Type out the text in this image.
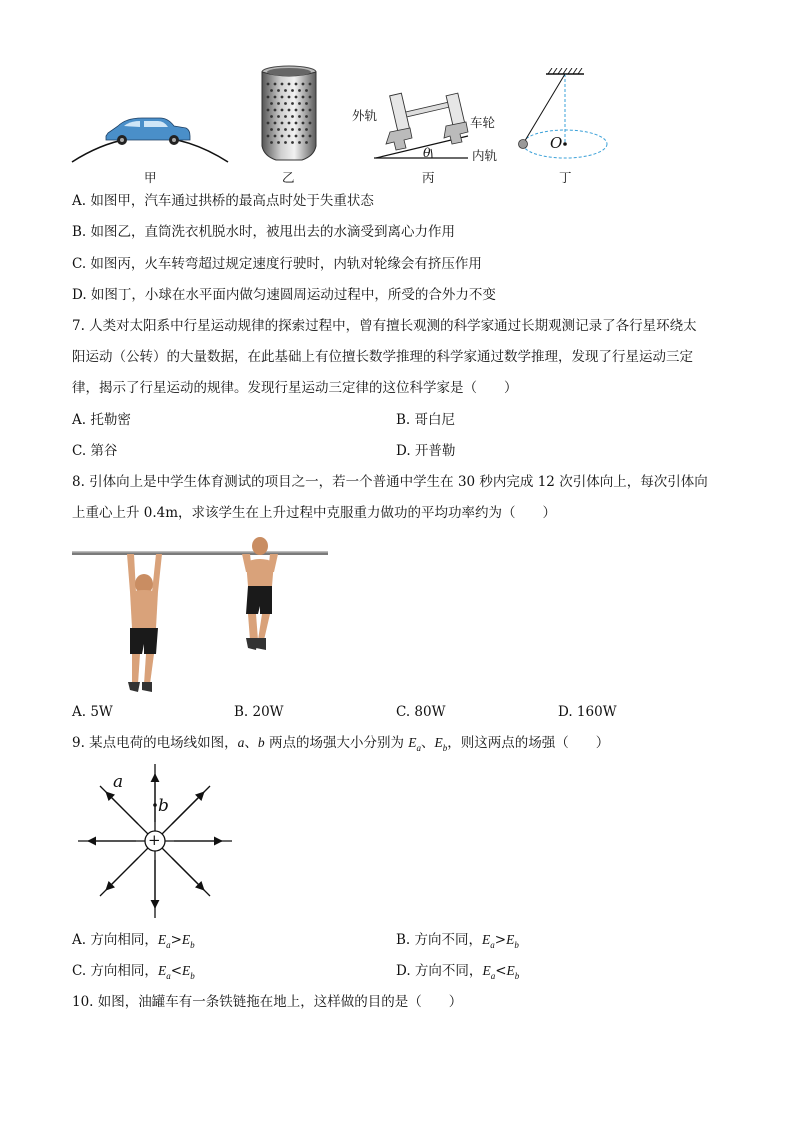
甲	乙
外轨	车轮
内轨
θ
丙
O
丁
A. 如图甲，汽车通过拱桥的最高点时处于失重状态
B. 如图乙，直筒洗衣机脱水时，被甩出去的水滴受到离心力作用
C. 如图丙，火车转弯超过规定速度行驶时，内轨对轮缘会有挤压作用
D. 如图丁，小球在水平面内做匀速圆周运动过程中，所受的合外力不变
7. 人类对太阳系中行星运动规律的探索过程中，曾有擅长观测的科学家通过长期观测记录了各行星环绕太
阳运动（公转）的大量数据，在此基础上有位擅长数学推理的科学家通过数学推理，发现了行星运动三定
律，揭示了行星运动的规律。发现行星运动三定律的这位科学家是（　　）
A. 托勒密	B. 哥白尼
C. 第谷	D. 开普勒
8. 引体向上是中学生体育测试的项目之一，若一个普通中学生在 30 秒内完成 12 次引体向上，每次引体向
上重心上升 0.4m，求该学生在上升过程中克服重力做功的平均功率约为（　　）
A. 5W	B. 20W	C. 80W	D. 160W
9. 某点电荷的电场线如图，a、b 两点的场强大小分别为 $E_a$、$E_b$，则这两点的场强（　　）
a
b
+
A. 方向相同，$E_a>E_b$	B. 方向不同，$E_a>E_b$
C. 方向相同，$E_a<E_b$	D. 方向不同，$E_a<E_b$
10. 如图，油罐车有一条铁链拖在地上，这样做的目的是（　　）
